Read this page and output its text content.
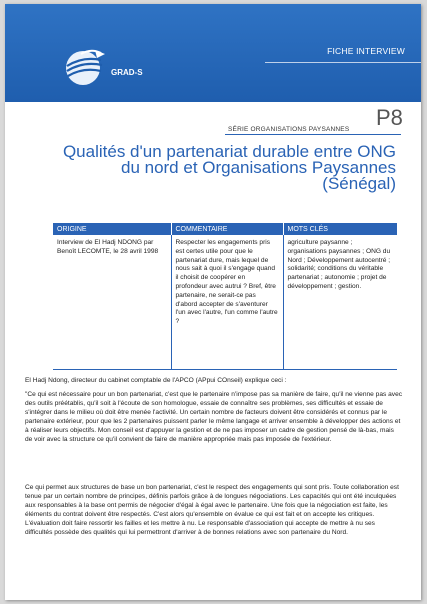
FICHE INTERVIEW
GRAD-S
P8
SÉRIE ORGANISATIONS PAYSANNES
Qualités d'un partenariat durable entre ONG du nord et Organisations Paysannes (Sénégal)
ORIGINE	COMMENTAIRE	MOTS CLÉS
Interview de El Hadj NDONG par Benoît LECOMTE, le 28 avril 1998	Respecter les engagements pris est certes utile pour que le partenariat dure, mais lequel de nous sait à quoi il s'engage quand il choisit de coopérer en profondeur avec autrui ? Bref, être partenaire, ne serait-ce pas d'abord accepter de s'aventurer l'un avec l'autre, l'un comme l'autre ?	agriculture paysanne ; organisations paysannes ; ONG du Nord ; Développement autocentré ; solidarité; conditions du véritable partenariat ; autonomie ; projet de développement ; gestion.
El Hadj Ndong, directeur du cabinet comptable de l'APCO (APpui COnseil) explique ceci :
"Ce qui est nécessaire pour un bon partenariat, c'est que le partenaire n'impose pas sa manière de faire, qu'il ne vienne pas avec des outils préétablis, qu'il soit à l'écoute de son homologue, essaie de connaître ses problèmes, ses difficultés et essaie de s'intégrer dans le milieu où doit être menée l'activité. Un certain nombre de facteurs doivent être considérés et connus par le partenaire extérieur, pour que les 2 partenaires puissent parler le même langage et arriver ensemble à développer des actions et à réaliser leurs objectifs. Mon conseil est d'appuyer la gestion et de ne pas imposer un cadre de gestion pensé de là-bas, mais de voir avec la structure ce qu'il convient de faire de manière appropriée mais pas imposée de l'extérieur.
Ce qui permet aux structures de base un bon partenariat, c'est le respect des engagements qui sont pris. Toute collaboration est tenue par un certain nombre de principes, définis parfois grâce à de longues négociations. Les capacités qui ont été inculquées aux responsables à la base ont permis de négocier d'égal à égal avec le partenaire. Une fois que la négociation est faite, les éléments du contrat doivent être respectés. C'est alors qu'ensemble on évalue ce qui est fait et on accepte les critiques. L'évaluation doit faire ressortir les failles et les mettre à nu. Le responsable d'association qui accepte de mettre à nu ses difficultés possède des qualités qui lui permettront d'arriver à de bonnes relations avec son partenaire du Nord.
